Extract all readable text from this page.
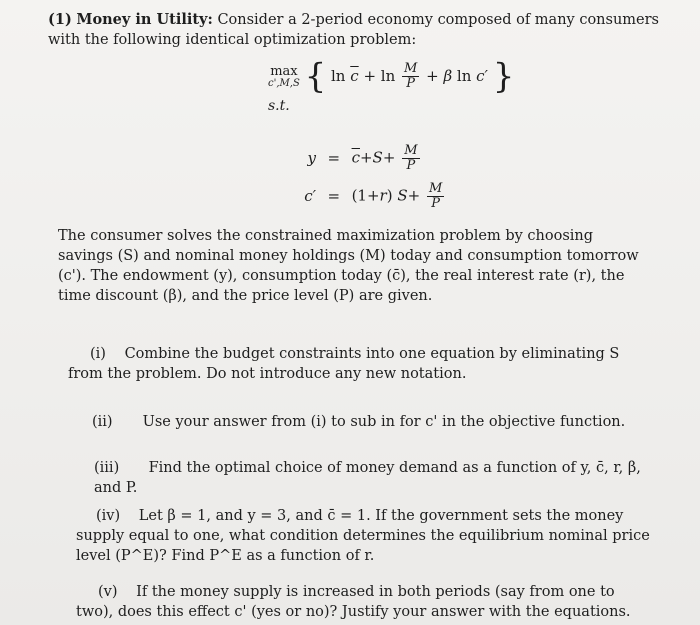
(1) Money in Utility: Consider a 2-period economy composed of many consumers with the following identical optimization problem:
max
c',M,S { $\ln \overline{c} + \ln \frac{M}{P} + \beta$ ln c′ }
s.t.
$y = \overline{c}+S+ \frac{M}{P}$
c′ = (1+r) $S+ \frac{M}{P}$
The consumer solves the constrained maximization problem by choosing savings (S) and nominal money holdings (M) today and consumption tomorrow (c'). The endowment (y), consumption today (c̄), the real interest rate (r), the time discount (β), and the price level (P) are given.
(i) Combine the budget constraints into one equation by eliminating S from the problem. Do not introduce any new notation.
(ii) Use your answer from (i) to sub in for c' in the objective function.
(iii) Find the optimal choice of money demand as a function of y, c̄, r, β, and P.
(iv) Let β = 1, and y = 3, and c̄ = 1. If the government sets the money supply equal to one, what condition determines the equilibrium nominal price level (P^E)? Find P^E as a function of r.
(v) If the money supply is increased in both periods (say from one to two), does this effect c' (yes or no)? Justify your answer with the equations.
